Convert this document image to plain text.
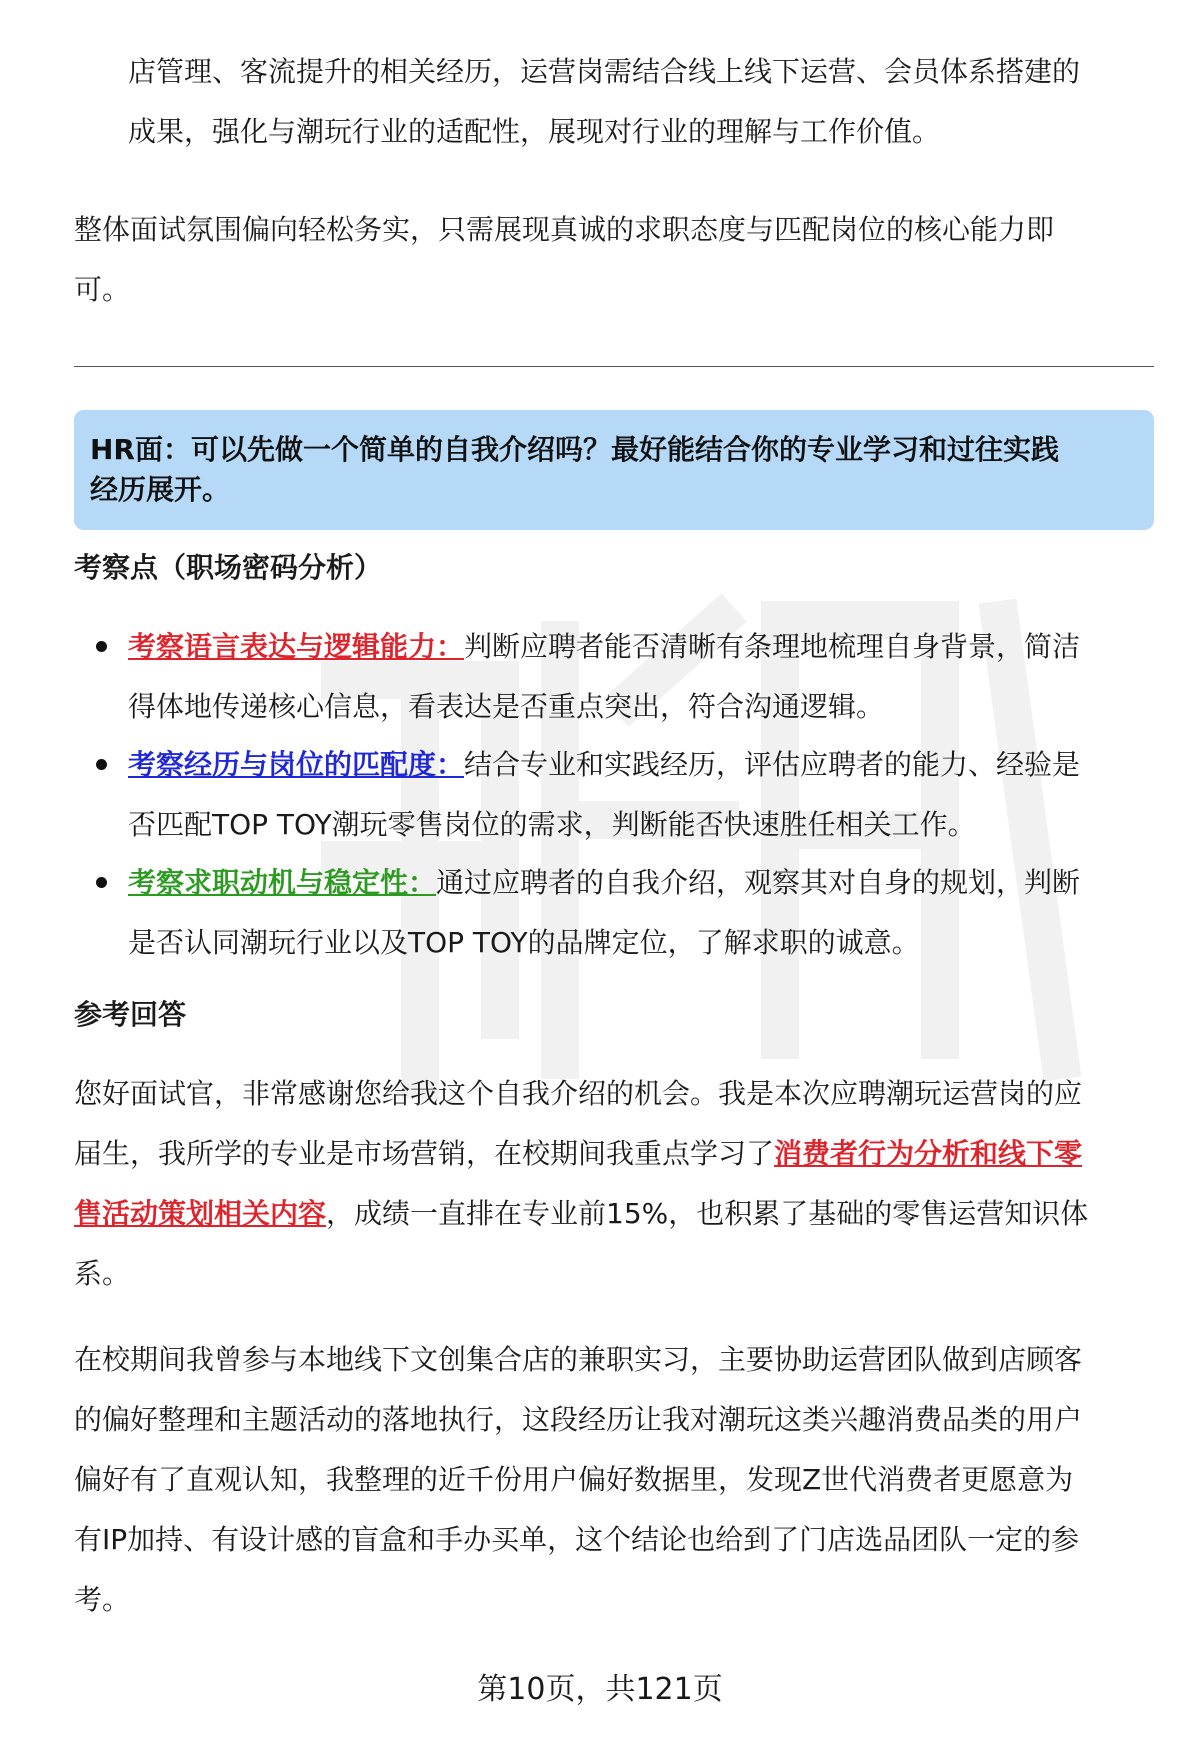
店管理、客流提升的相关经历，运营岗需结合线上线下运营、会员体系搭建的
成果，强化与潮玩行业的适配性，展现对行业的理解与工作价值。

整体面试氛围偏向轻松务实，只需展现真诚的求职态度与匹配岗位的核心能力即
可。

HR面：可以先做一个简单的自我介绍吗？最好能结合你的专业学习和过往实践
经历展开。
考察点（职场密码分析）

考察语言表达与逻辑能力：判断应聘者能否清晰有条理地梳理自身背景，简洁
得体地传递核心信息，看表达是否重点突出，符合沟通逻辑。

考察经历与岗位的匹配度：结合专业和实践经历，评估应聘者的能力、经验是
否匹配TOP TOY潮玩零售岗位的需求，判断能否快速胜任相关工作。

考察求职动机与稳定性：通过应聘者的自我介绍，观察其对自身的规划，判断
是否认同潮玩行业以及TOP TOY的品牌定位，了解求职的诚意。

参考回答

您好面试官，非常感谢您给我这个自我介绍的机会。我是本次应聘潮玩运营岗的应
届生，我所学的专业是市场营销，在校期间我重点学习了消费者行为分析和线下零
售活动策划相关内容，成绩一直排在专业前15%，也积累了基础的零售运营知识体
系。

在校期间我曾参与本地线下文创集合店的兼职实习，主要协助运营团队做到店顾客
的偏好整理和主题活动的落地执行，这段经历让我对潮玩这类兴趣消费品类的用户
偏好有了直观认知，我整理的近千份用户偏好数据里，发现Z世代消费者更愿意为
有IP加持、有设计感的盲盒和手办买单，这个结论也给到了门店选品团队一定的参
考。

第10页，共121页
